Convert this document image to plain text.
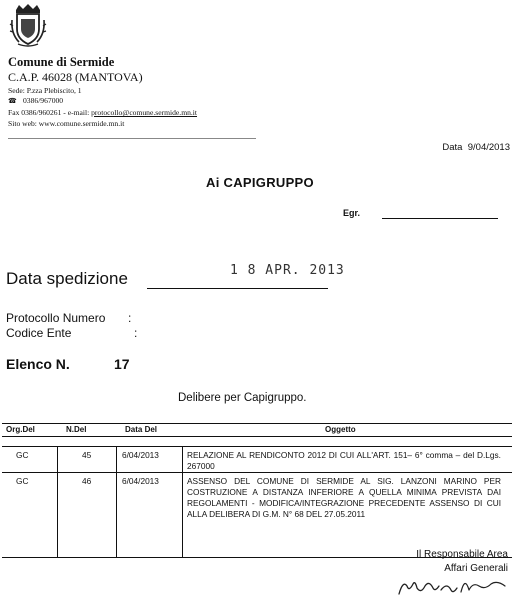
Comune di Sermide
C.A.P. 46028 (MANTOVA)
Sede: P.zza Plebiscito, 1
☎ 0386/967000
Fax 0386/960261 - e-mail: protocollo@comune.sermide.mn.it
Sito web: www.comune.sermide.mn.it
Data 9/04/2013
Ai CAPIGRUPPO
Egr.
Data spedizione	1 8 APR. 2013
Protocollo Numero :
Codice Ente	:
Elenco N.	17
Delibere per Capigruppo.
Org.Del	N.Del	Data Del	Oggetto
GC	45	6/04/2013	RELAZIONE AL RENDICONTO 2012 DI CUI ALL'ART. 151– 6° comma – del D.Lgs. 267000
GC	46	6/04/2013	ASSENSO DEL COMUNE DI SERMIDE AL SIG. LANZONI MARINO PER COSTRUZIONE A DISTANZA INFERIORE A QUELLA MINIMA PREVISTA DAI REGOLAMENTI - MODIFICA/INTEGRAZIONE PRECEDENTE ASSENSO DI CUI ALLA DELIBERA DI G.M. N° 68 DEL 27.05.2011
Il Responsabile Area
Affari Generali
